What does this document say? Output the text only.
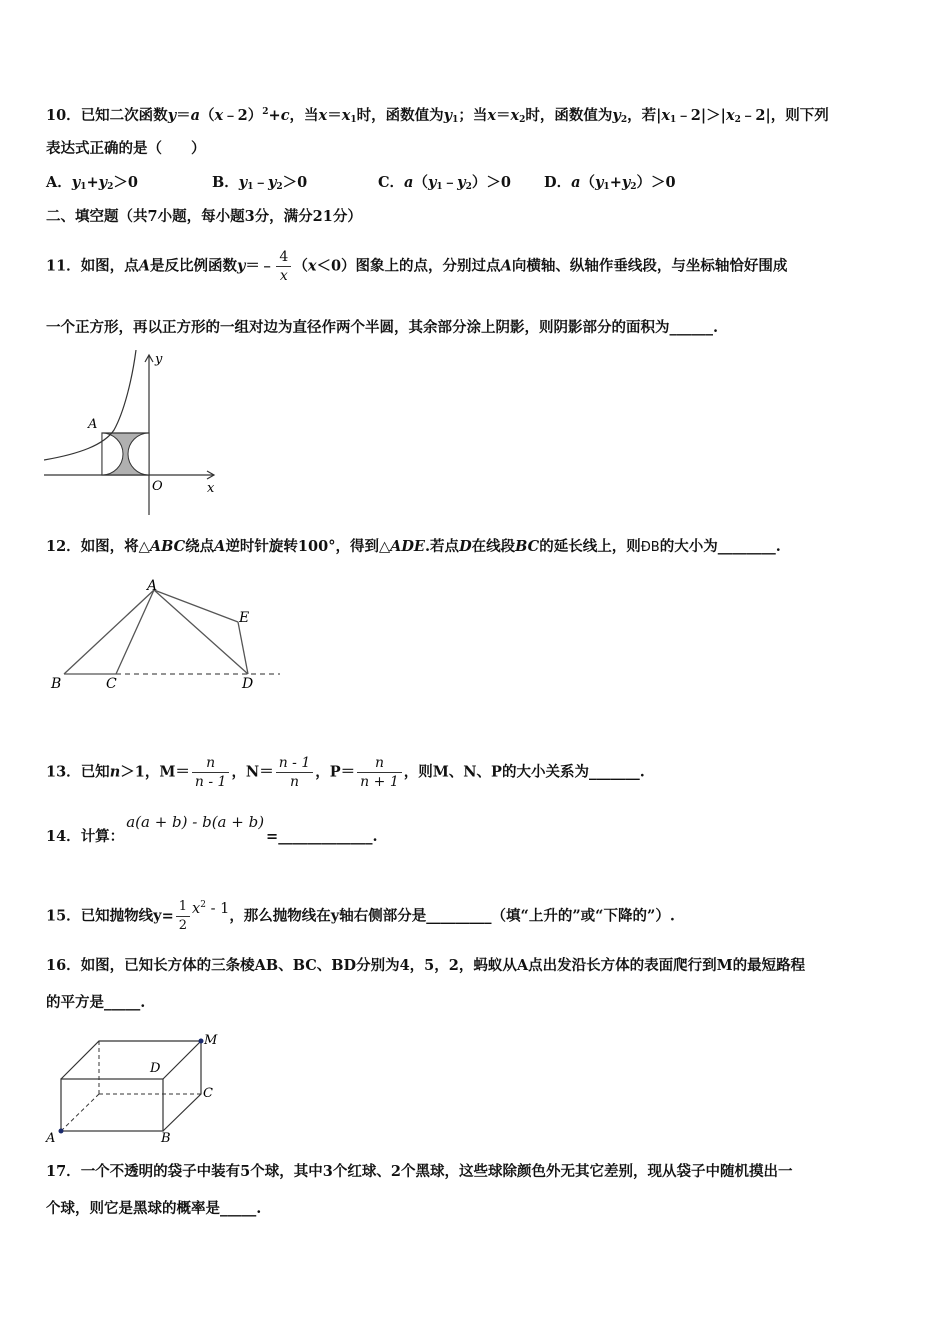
10．已知二次函数y＝a（x﹣2）$^2$+c，当$x=x_1$时，函数值为$y_1$；当$x=x_2$时，函数值为$y_2$，若$|x_1﹣2|>|x_2﹣2|$，则下列
表达式正确的是（　　）
A．$y_1+y_2>0$	B．$y_1﹣y_2>0$	C．$a(y_1﹣y_2)>0$ D．$a(y_1+y_2)>0$
二、填空题（共7小题，每小题3分，满分21分）
11．如图，点A是反比例函数y＝﹣ $\frac{4}{x} (x<0)$图象上的点，分别过点A向横轴、纵轴作垂线段，与坐标轴恰好围成
一个正方形，再以正方形的一组对边为直径作两个半圆，其余部分涂上阴影，则阴影部分的面积为______.
A
O	x
y
12．如图，将△ABC绕点A逆时针旋转100°，得到△ADE.若点D在线段BC的延长线上，则ÐB的大小为________.
A
B	C	D
E
13．已知n＞1，$M= \frac{n}{n - 1}$ ，$N= \frac{n - 1}{n}$ ，$P= \frac{n}{n + 1}$ ，则M、N、P的大小关系为_______.
14．计算：a(a + b) - b(a + b)=_____________.
15．已知抛物线$y= \frac{1}{2} x^2 - 1$，那么抛物线在y轴右侧部分是_________（填“上升的”或“下降的”）.
16．如图，已知长方体的三条棱AB、BC、BD分别为4，5，2，蚂蚁从A点出发沿长方体的表面爬行到M的最短路程
的平方是_____.
A	B
C
D
M
17．一个不透明的袋子中装有5个球，其中3个红球、2个黑球，这些球除颜色外无其它差别，现从袋子中随机摸出一
个球，则它是黑球的概率是_____.
